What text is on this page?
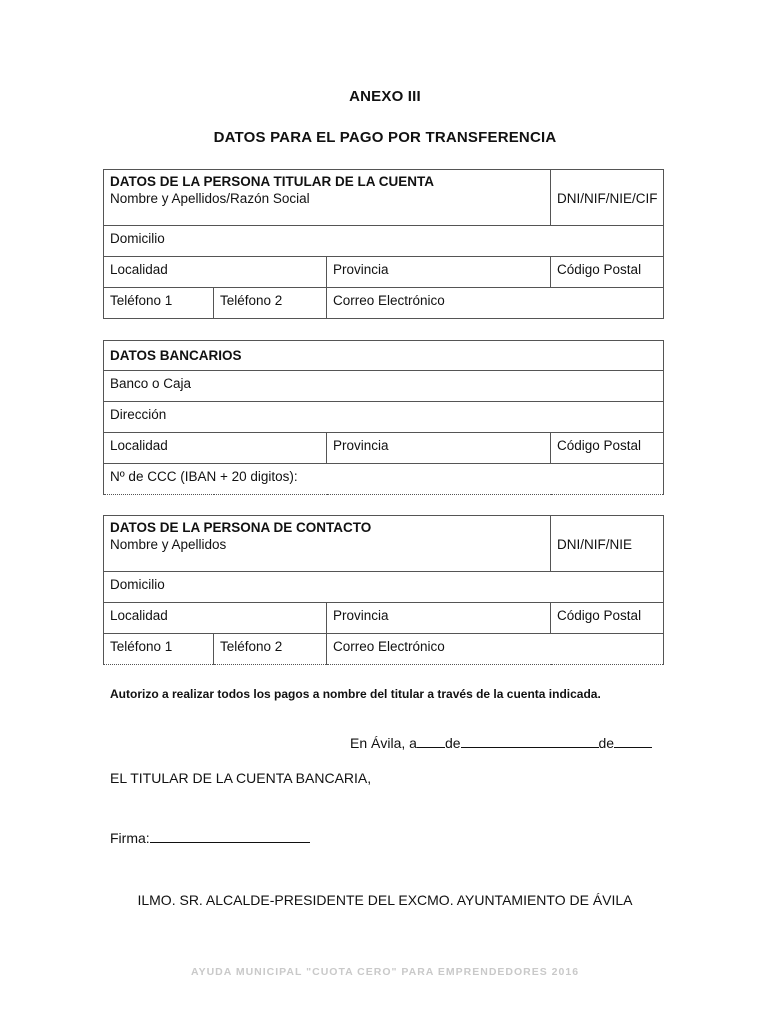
ANEXO III
DATOS PARA EL PAGO POR TRANSFERENCIA
DATOS DE LA PERSONA TITULAR DE LA CUENTA
Nombre y Apellidos/Razón Social			DNI/NIF/NIE/CIF

Domicilio			

Localidad		Provincia	Código Postal

Teléfono 1	Teléfono 2	Correo Electrónico	
DATOS BANCARIOS

Banco o Caja

Dirección

Localidad	Provincia	Código Postal

Nº de CCC (IBAN + 20 digitos):
DATOS DE LA PERSONA DE CONTACTO
Nombre y Apellidos			DNI/NIF/NIE

Domicilio			

Localidad		Provincia	Código Postal

Teléfono 1	Teléfono 2	Correo Electrónico	
Autorizo a realizar todos los pagos a nombre del titular a través de la cuenta indicada.
En Ávila, a de	de
EL TITULAR DE LA CUENTA BANCARIA,
Firma:
ILMO. SR. ALCALDE-PRESIDENTE DEL EXCMO. AYUNTAMIENTO DE ÁVILA
AYUDA MUNICIPAL "CUOTA CERO" PARA EMPRENDEDORES 2016
